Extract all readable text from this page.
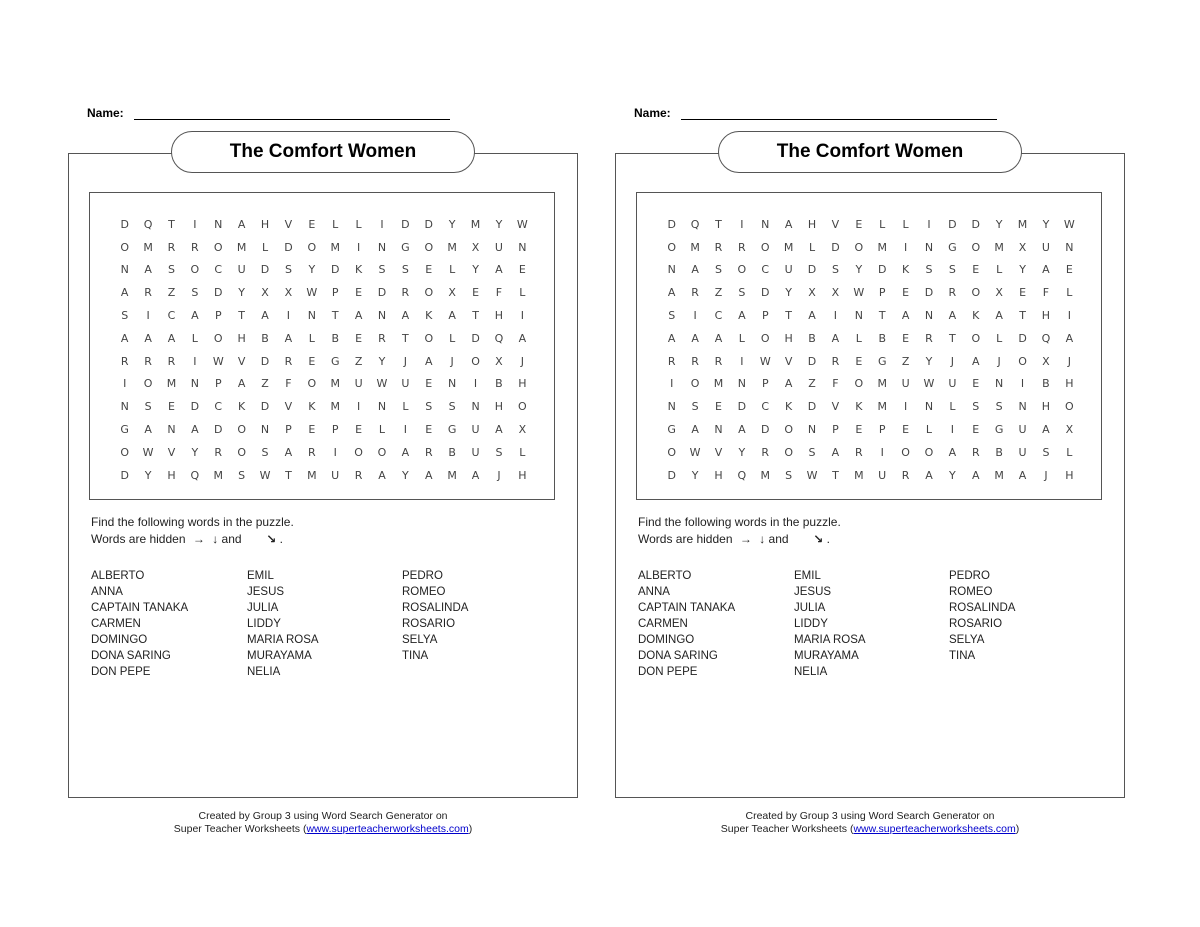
Name:
The Comfort Women
D	Q	T	I	N	A	H	V	E	L	L	I	D	D	Y	M	Y	W
O	M	R	R	O	M	L	D	O	M	I	N	G	O	M	X	U	N
N	A	S	O	C	U	D	S	Y	D	K	S	S	E	L	Y	A	E
A	R	Z	S	D	Y	X	X	W	P	E	D	R	O	X	E	F	L
S	I	C	A	P	T	A	I	N	T	A	N	A	K	A	T	H	I
A	A	A	L	O	H	B	A	L	B	E	R	T	O	L	D	Q	A
R	R	R	I	W	V	D	R	E	G	Z	Y	J	A	J	O	X	J
I	O	M	N	P	A	Z	F	O	M	U	W	U	E	N	I	B	H
N	S	E	D	C	K	D	V	K	M	I	N	L	S	S	N	H	O
G	A	N	A	D	O	N	P	E	P	E	L	I	E	G	U	A	X
O	W	V	Y	R	O	S	A	R	I	O	O	A	R	B	U	S	L
D	Y	H	Q	M	S	W	T	M	U	R	A	Y	A	M	A	J	H
Find the following words in the puzzle.
Words are hidden → ↓ and ↘ .
ALBERTO
ANNA
CAPTAIN TANAKA
CARMEN
DOMINGO
DONA SARING
DON PEPE
EMIL
JESUS
JULIA
LIDDY
MARIA ROSA
MURAYAMA
NELIA
PEDRO
ROMEO
ROSALINDA
ROSARIO
SELYA
TINA
Created by Group 3 using Word Search Generator on
Super Teacher Worksheets (www.superteacherworksheets.com)
Name:
The Comfort Women
D	Q	T	I	N	A	H	V	E	L	L	I	D	D	Y	M	Y	W
O	M	R	R	O	M	L	D	O	M	I	N	G	O	M	X	U	N
N	A	S	O	C	U	D	S	Y	D	K	S	S	E	L	Y	A	E
A	R	Z	S	D	Y	X	X	W	P	E	D	R	O	X	E	F	L
S	I	C	A	P	T	A	I	N	T	A	N	A	K	A	T	H	I
A	A	A	L	O	H	B	A	L	B	E	R	T	O	L	D	Q	A
R	R	R	I	W	V	D	R	E	G	Z	Y	J	A	J	O	X	J
I	O	M	N	P	A	Z	F	O	M	U	W	U	E	N	I	B	H
N	S	E	D	C	K	D	V	K	M	I	N	L	S	S	N	H	O
G	A	N	A	D	O	N	P	E	P	E	L	I	E	G	U	A	X
O	W	V	Y	R	O	S	A	R	I	O	O	A	R	B	U	S	L
D	Y	H	Q	M	S	W	T	M	U	R	A	Y	A	M	A	J	H
Find the following words in the puzzle.
Words are hidden → ↓ and ↘ .
ALBERTO
ANNA
CAPTAIN TANAKA
CARMEN
DOMINGO
DONA SARING
DON PEPE
EMIL
JESUS
JULIA
LIDDY
MARIA ROSA
MURAYAMA
NELIA
PEDRO
ROMEO
ROSALINDA
ROSARIO
SELYA
TINA
Created by Group 3 using Word Search Generator on
Super Teacher Worksheets (www.superteacherworksheets.com)
